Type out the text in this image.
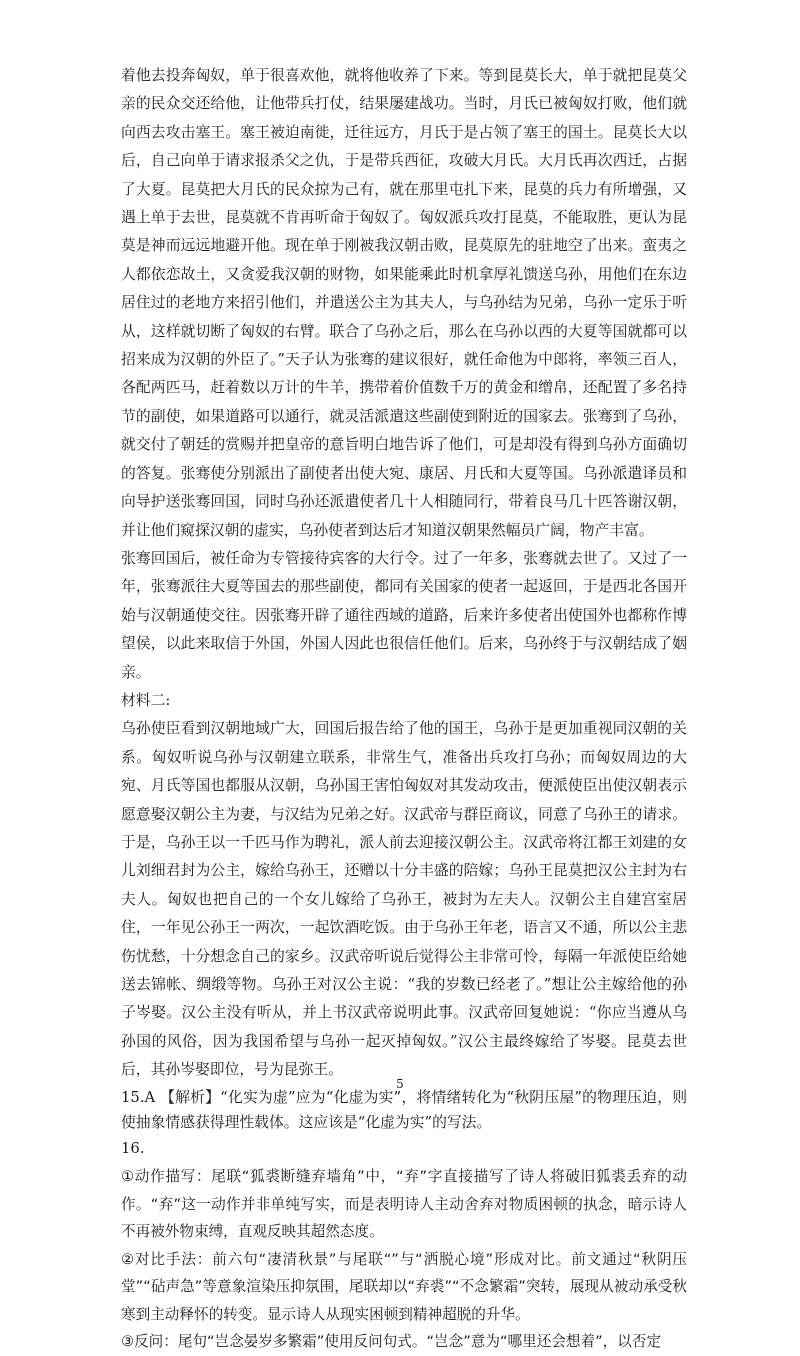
着他去投奔匈奴，单于很喜欢他，就将他收养了下来。等到昆莫长大，单于就把昆莫父亲的民众交还给他，让他带兵打仗，结果屡建战功。当时，月氏已被匈奴打败，他们就向西去攻击塞王。塞王被迫南徙，迁往远方，月氏于是占领了塞王的国土。昆莫长大以后，自己向单于请求报杀父之仇，于是带兵西征，攻破大月氏。大月氏再次西迁，占据了大夏。昆莫把大月氏的民众掠为己有，就在那里屯扎下来，昆莫的兵力有所增强，又遇上单于去世，昆莫就不肯再听命于匈奴了。匈奴派兵攻打昆莫，不能取胜，更认为昆莫是神而远远地避开他。现在单于刚被我汉朝击败，昆莫原先的驻地空了出来。蛮夷之人都依恋故土，又贪爱我汉朝的财物，如果能乘此时机拿厚礼馈送乌孙，用他们在东边居住过的老地方来招引他们，并遣送公主为其夫人，与乌孙结为兄弟，乌孙一定乐于听从，这样就切断了匈奴的右臂。联合了乌孙之后，那么在乌孙以西的大夏等国就都可以招来成为汉朝的外臣了。”天子认为张骞的建议很好，就任命他为中郎将，率领三百人，各配两匹马，赶着数以万计的牛羊，携带着价值数千万的黄金和缯帛，还配置了多名持节的副使，如果道路可以通行，就灵活派遣这些副使到附近的国家去。张骞到了乌孙，就交付了朝廷的赏赐并把皇帝的意旨明白地告诉了他们，可是却没有得到乌孙方面确切的答复。张骞使分别派出了副使者出使大宛、康居、月氏和大夏等国。乌孙派遣译员和向导护送张骞回国，同时乌孙还派遣使者几十人相随同行，带着良马几十匹答谢汉朝，并让他们窥探汉朝的虚实，乌孙使者到达后才知道汉朝果然幅员广阔，物产丰富。

张骞回国后，被任命为专管接待宾客的大行令。过了一年多，张骞就去世了。又过了一年，张骞派往大夏等国去的那些副使，都同有关国家的使者一起返回，于是西北各国开始与汉朝通使交往。因张骞开辟了通往西域的道路，后来许多使者出使国外也都称作博望侯，以此来取信于外国，外国人因此也很信任他们。后来，乌孙终于与汉朝结成了姻亲。

材料二:

乌孙使臣看到汉朝地域广大，回国后报告给了他的国王，乌孙于是更加重视同汉朝的关系。匈奴听说乌孙与汉朝建立联系，非常生气，准备出兵攻打乌孙；而匈奴周边的大宛、月氏等国也都服从汉朝，乌孙国王害怕匈奴对其发动攻击，便派使臣出使汉朝表示愿意娶汉朝公主为妻，与汉结为兄弟之好。汉武帝与群臣商议，同意了乌孙王的请求。于是，乌孙王以一千匹马作为聘礼，派人前去迎接汉朝公主。汉武帝将江都王刘建的女儿刘细君封为公主，嫁给乌孙王，还赠以十分丰盛的陪嫁；乌孙王昆莫把汉公主封为右夫人。匈奴也把自己的一个女儿嫁给了乌孙王，被封为左夫人。汉朝公主自建宫室居住，一年见公孙王一两次，一起饮酒吃饭。由于乌孙王年老，语言又不通，所以公主悲伤忧愁，十分想念自己的家乡。汉武帝听说后觉得公主非常可怜，每隔一年派使臣给她送去锦帐、绸缎等物。乌孙王对汉公主说：“我的岁数已经老了。”想让公主嫁给他的孙子岑娶。汉公主没有听从，并上书汉武帝说明此事。汉武帝回复她说：“你应当遵从乌孙国的风俗，因为我国希望与乌孙一起灭掉匈奴。”汉公主最终嫁给了岑娶。昆莫去世后，其孙岑娶即位，号为昆弥王。

15.A 【解析】“化实为虚”应为“化虚为实”，将情绪转化为“秋阴压屋”的物理压迫，则使抽象情感获得理性载体。这应该是“化虚为实”的写法。

16.

①动作描写：尾联“狐裘断缝弃墙角”中，“弃”字直接描写了诗人将破旧狐裘丢弃的动作。“弃”这一动作并非单纯写实，而是表明诗人主动舍弃对物质困顿的执念，暗示诗人不再被外物束缚，直观反映其超然态度。

②对比手法：前六句“凄清秋景”与尾联“”与“洒脱心境”形成对比。前文通过“秋阴压堂”“砧声急”等意象渲染压抑氛围，尾联却以“弃裘”“不念繁霜”突转，展现从被动承受秋寒到主动释怀的转变。显示诗人从现实困顿到精神超脱的升华。

③反问：尾句“岂念晏岁多繁霜”使用反问句式。“岂念”意为“哪里还会想着”，以否定

5
